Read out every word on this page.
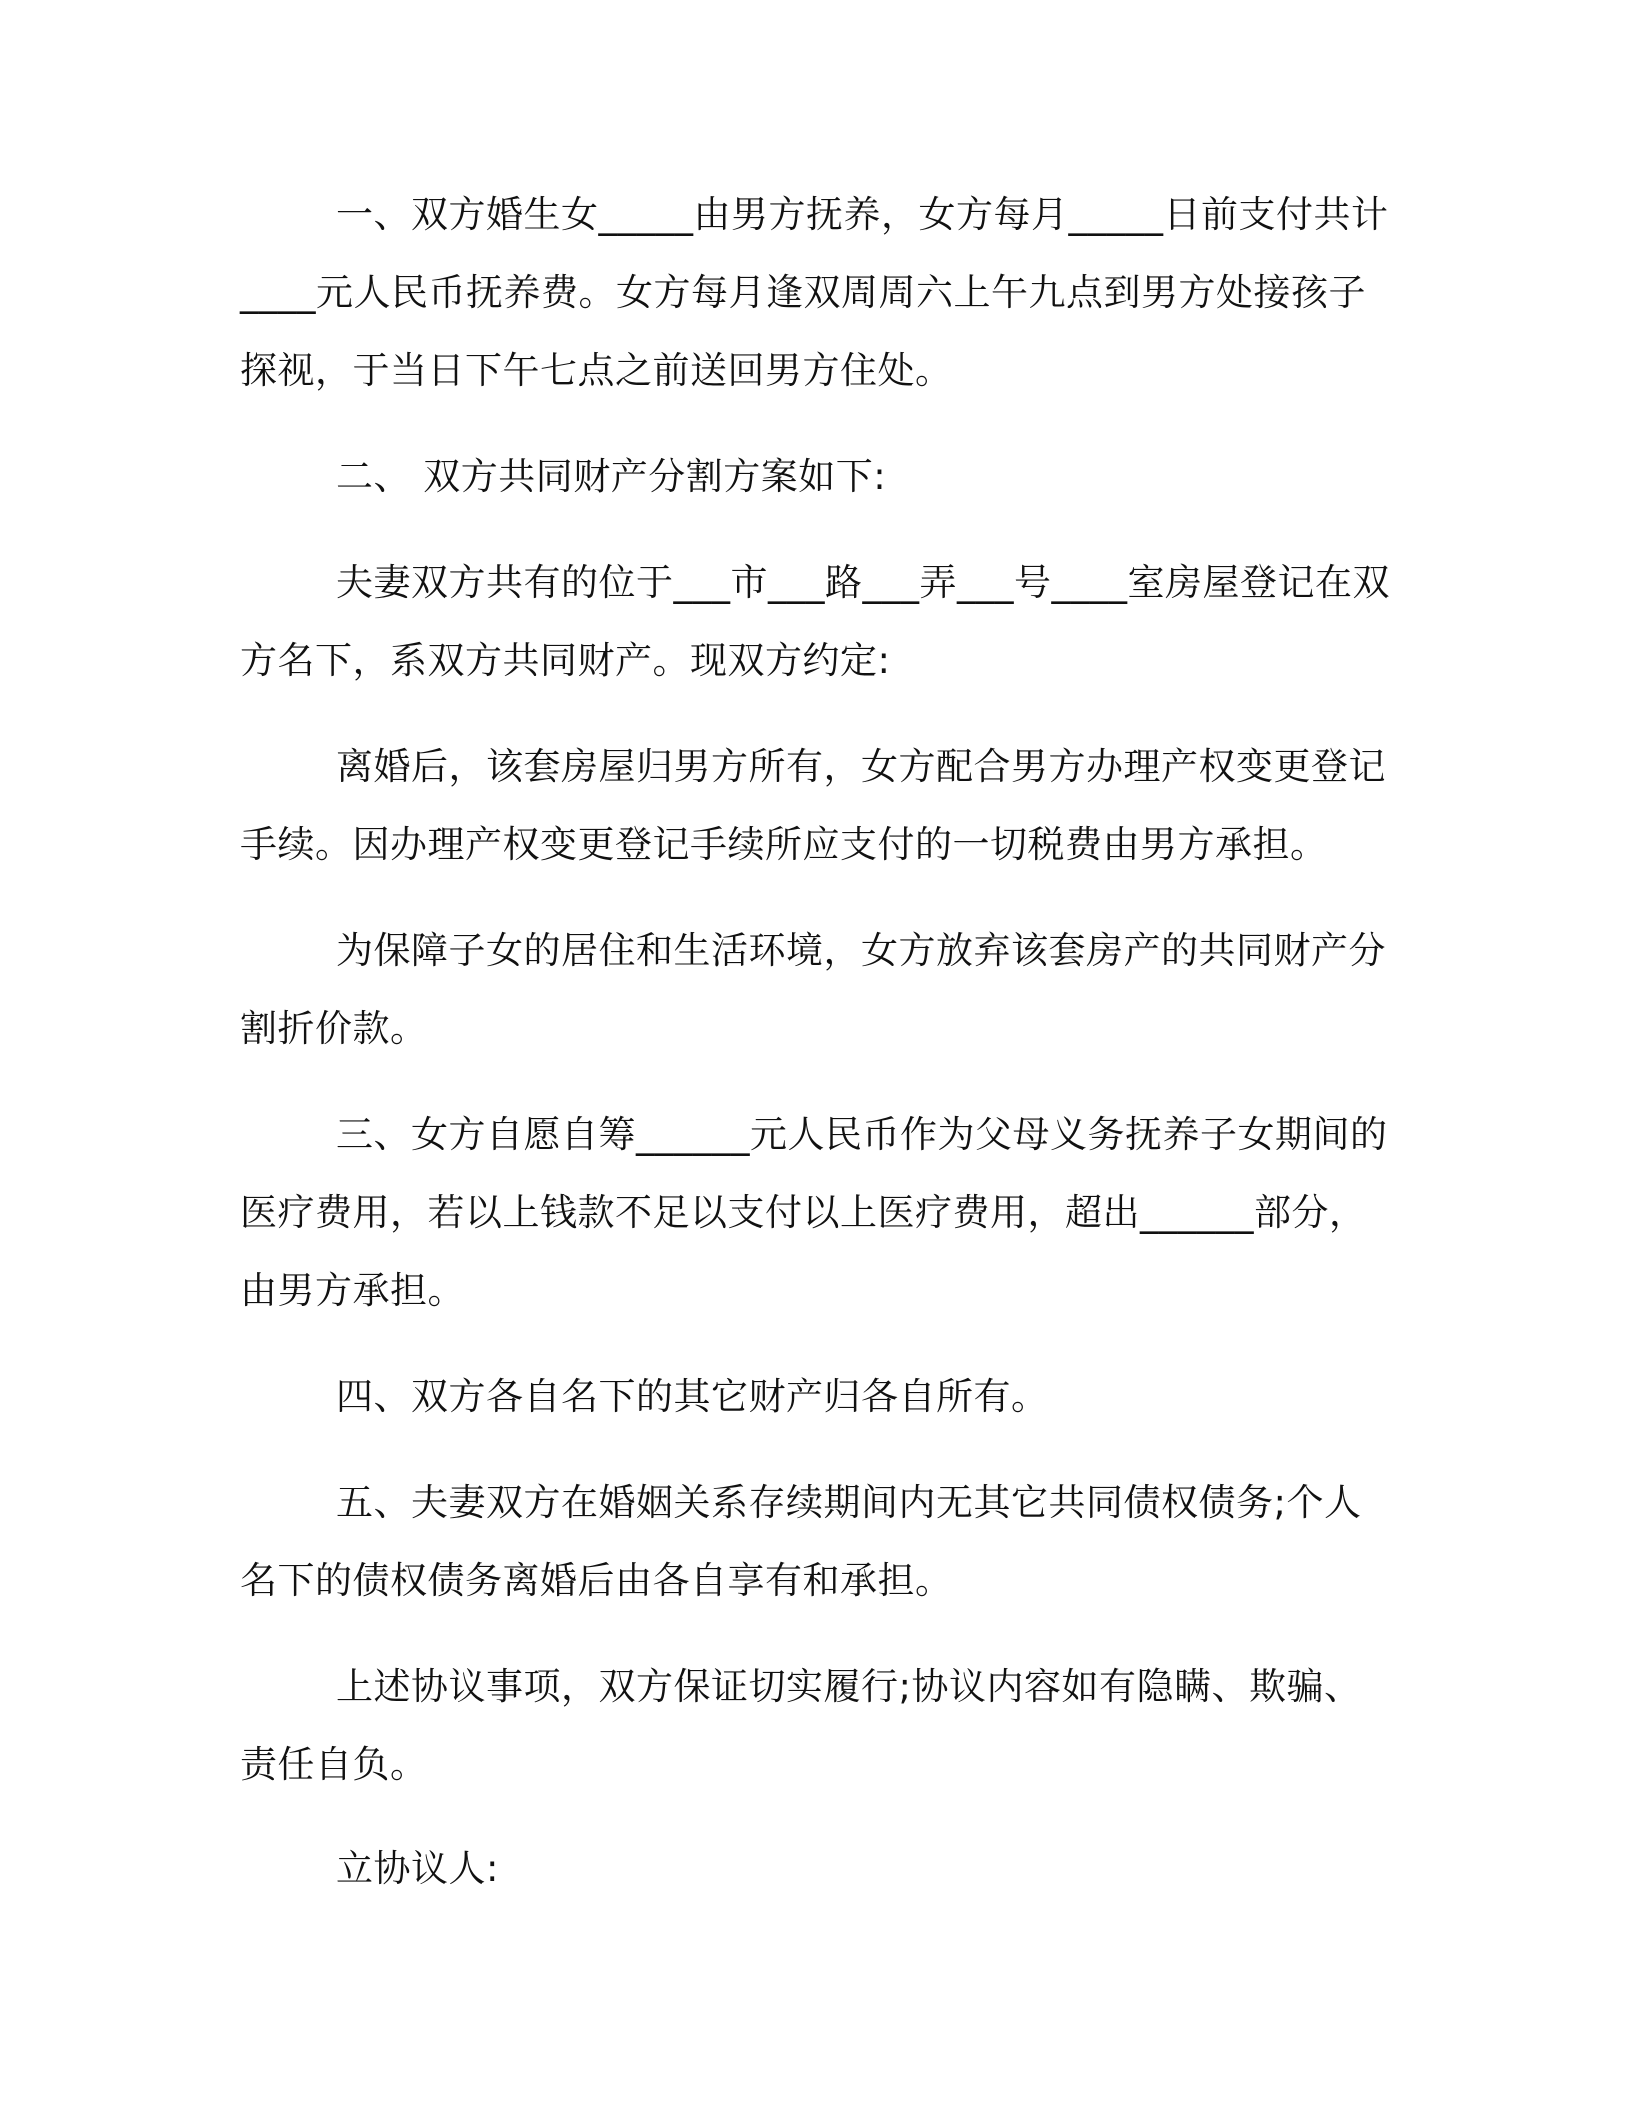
一、双方婚生女_____由男方抚养，女方每月_____日前支付共计____元人民币抚养费。女方每月逢双周周六上午九点到男方处接孩子探视，于当日下午七点之前送回男方住处。

二、 双方共同财产分割方案如下:

夫妻双方共有的位于___市___路___弄___号____室房屋登记在双方名下，系双方共同财产。现双方约定:

离婚后，该套房屋归男方所有，女方配合男方办理产权变更登记手续。因办理产权变更登记手续所应支付的一切税费由男方承担。

为保障子女的居住和生活环境，女方放弃该套房产的共同财产分割折价款。

三、女方自愿自筹______元人民币作为父母义务抚养子女期间的医疗费用，若以上钱款不足以支付以上医疗费用，超出______部分，由男方承担。

四、双方各自名下的其它财产归各自所有。

五、夫妻双方在婚姻关系存续期间内无其它共同债权债务;个人名下的债权债务离婚后由各自享有和承担。

上述协议事项，双方保证切实履行;协议内容如有隐瞒、欺骗、责任自负。

立协议人:
